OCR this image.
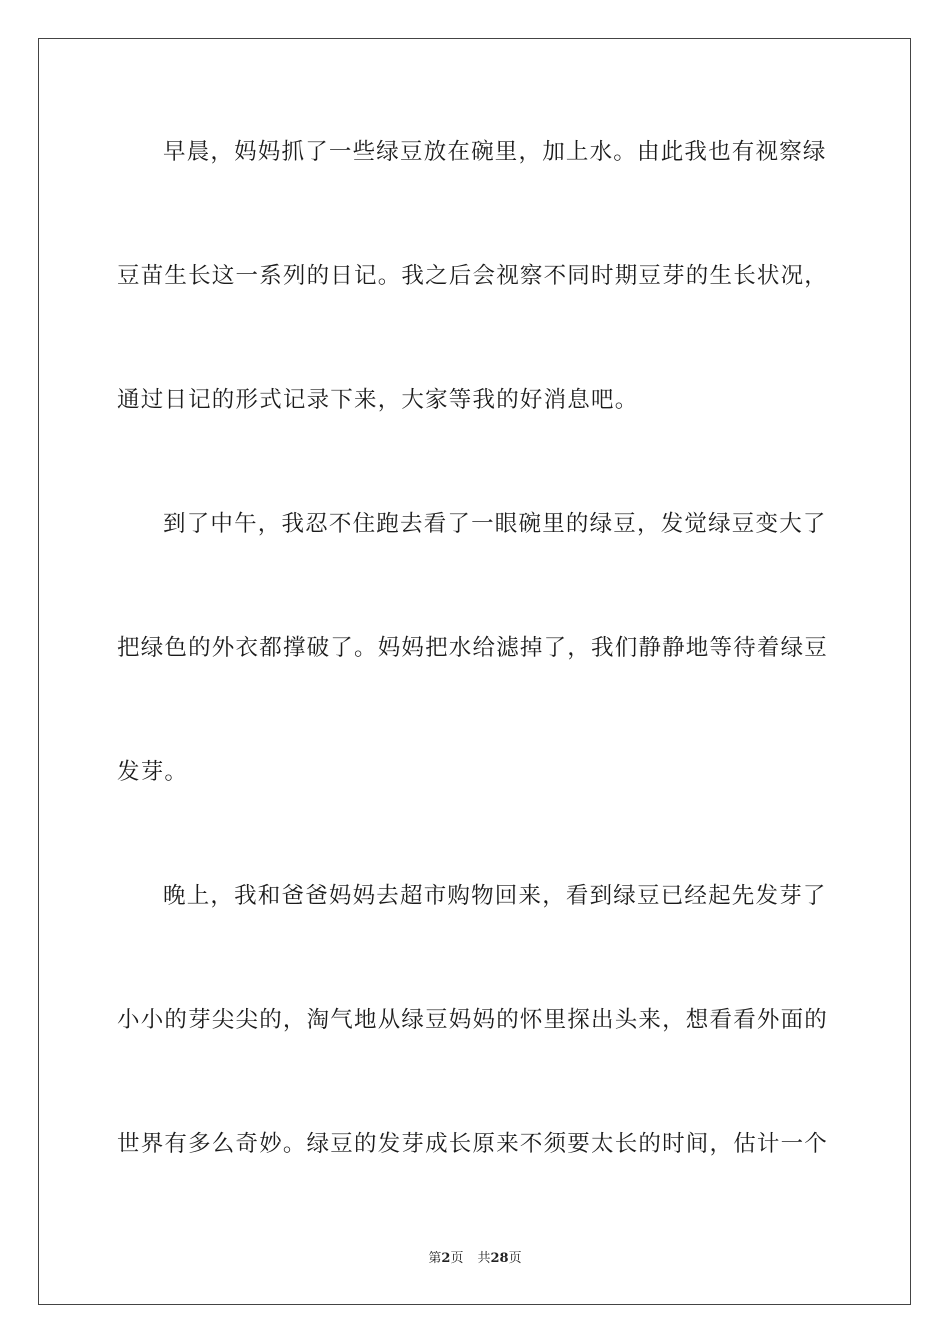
早晨，妈妈抓了一些绿豆放在碗里，加上水。由此我也有视察绿
豆苗生长这一系列的日记。我之后会视察不同时期豆芽的生长状况，
通过日记的形式记录下来，大家等我的好消息吧。
到了中午，我忍不住跑去看了一眼碗里的绿豆，发觉绿豆变大了
把绿色的外衣都撑破了。妈妈把水给滤掉了，我们静静地等待着绿豆
发芽。
晚上，我和爸爸妈妈去超市购物回来，看到绿豆已经起先发芽了
小小的芽尖尖的，淘气地从绿豆妈妈的怀里探出头来，想看看外面的
世界有多么奇妙。绿豆的发芽成长原来不须要太长的时间，估计一个
第2页 共28页
